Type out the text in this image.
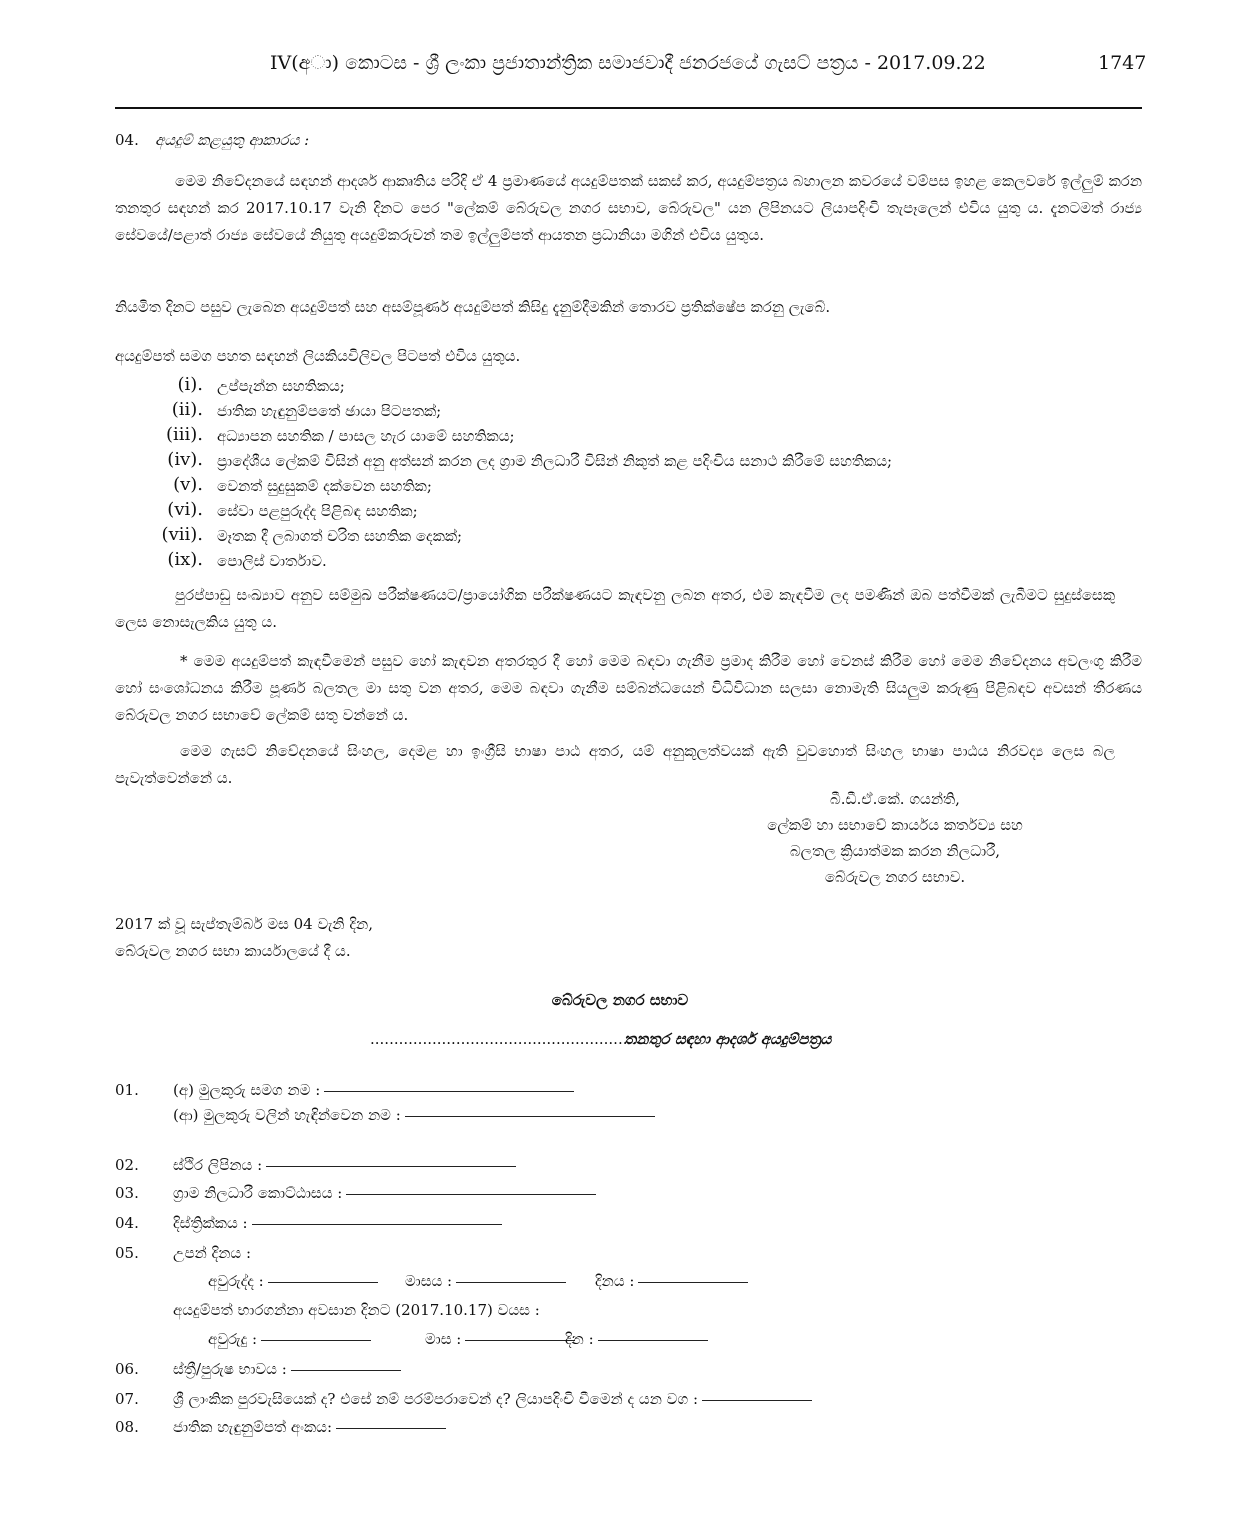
IV(අා) කොටස - ශ්‍රී ලංකා ප්‍රජාතාන්ත්‍රික සමාජවාදී ජනරජයේ ගැසට් පත්‍රය - 2017.09.22	1747
04. අයදුම් කළයුතු ආකාරය :
මෙම නිවේදනයේ සඳහන් ආදර්ශ ආකෘතිය පරිදි ඒ 4 ප්‍රමාණයේ අයදුම්පතක් සකස් කර, අයදුම්පත්‍රය බහාලන කවරයේ වම්පස ඉහළ කෙලවරේ ඉල්ලුම් කරන තනතුර සඳහන් කර 2017.10.17 වැනි දිනට පෙර "ලේකම් බේරුවල නගර සභාව, බේරුවල" යන ලිපිනයට ලියාපදිංචි තැපෑලෙන් එවිය යුතු ය. දැනටමත් රාජ්‍ය සේවයේ/පළාත් රාජ්‍ය සේවයේ නියුතු අයදුම්කරුවන් තම ඉල්ලුම්පත් ආයතන ප්‍රධානියා මගින් එවිය යුතුය.
නියමිත දිනට පසුව ලැබෙන අයදුම්පත් සහ අසම්පූර්ණ අයදුම්පත් කිසිදු දැනුම්දීමකින් තොරව ප්‍රතික්ෂේප කරනු ලැබේ.
අයදුම්පත් සමග පහත සඳහන් ලියකියවිලිවල පිටපත් එවිය යුතුය.
(i). උප්පැන්න සහතිකය;
(ii). ජාතික හැඳුනුම්පතේ ඡායා පිටපතක්;
(iii). අධ්‍යාපන සහතික / පාසල හැර යාමේ සහතිකය;
(iv). ප්‍රාදේශීය ලේකම් විසින් අනු අත්සන් කරන ලද ග්‍රාම නිලධාරී විසින් නිකුත් කළ පදිංචිය සනාථ කිරීමේ සහතිකය;
(v). වෙනත් සුදුසුකම් දක්වෙන සහතික;
(vi). සේවා පළපුරුද්ද පිළිබඳ සහතික;
(vii). මෑතක දී ලබාගත් චරිත සහතික දෙකක්;
(ix). පොලිස් වාර්තාව.
පුරප්පාඩු සංඛ්‍යාව අනුව සම්මුඛ පරීක්ෂණයට/ප්‍රායෝගික පරීක්ෂණයට කැඳවනු ලබන අතර, එම කැඳවීම ලද පමණින් ඔබ පත්වීමක් ලැබීමට සුදුස්සෙකු ලෙස නොසැලකිය යුතු ය.
* මෙම අයදුම්පත් කැඳවීමෙන් පසුව හෝ කැඳවන අතරතුර දී හෝ මෙම බඳවා ගැනීම ප්‍රමාද කිරීම හෝ වෙනස් කිරීම හෝ මෙම නිවේදනය අවලංගු කිරීම හෝ සංශෝධනය කිරීම පූර්ණ බලතල මා සතු වන අතර, මෙම බඳවා ගැනීම සම්බන්ධයෙන් විධිවිධාන සලසා නොමැති සියලුම කරුණු පිළිබඳව අවසන් තීරණය බේරුවල නගර සභාවේ ලේකම් සතු වන්නේ ය.
මෙම ගැසට් නිවේදනයේ සිංහල, දෙමළ හා ඉංග්‍රීසි භාෂා පාඨ අතර, යම් අනුකූලත්වයක් ඇති වුවහොත් සිංහල භාෂා පාඨය නිරවද්‍ය ලෙස බල පැවැත්වෙන්නේ ය.
බී.ඩී.ඒ.කේ. ගයන්ති,
ලේකම් හා සභාවේ කාර්යය කර්තව්‍ය සහ
බලතල ක්‍රියාත්මක කරන නිලධාරී,
බේරුවල නගර සභාව.
2017 ක් වූ සැප්තැම්බර් මස 04 වැනි දින,
බේරුවල නගර සභා කාර්යාලයේ දී ය.
බේරුවල නගර සභාව
..........................................................
තනතුර සඳහා ආදර්ශ අයදුම්පත්‍රය
01. (අ) මුලකුරු සමග නම :
(ආ) මුලකුරු වලින් හැඳින්වෙන නම :
02. ස්ථිර ලිපිනය :
03. ග්‍රාම නිලධාරී කොට්ඨාසය :
04. දිස්ත්‍රික්කය :
05. උපන් දිනය :
අවුරුද්ද :	මාසය :	දිනය :
අයදුම්පත් භාරගන්නා අවසාන දිනට (2017.10.17) වයස :
අවුරුදු :	මාස :	දින :
06. ස්ත්‍රී/පුරුෂ භාවය :
07. ශ්‍රී ලාංකික පුරවැසියෙක් ද? එසේ නම් පරම්පරාවෙන් ද? ලියාපදිංචි වීමෙන් ද යන වග :
08. ජාතික හැඳුනුම්පත් අංකය:
